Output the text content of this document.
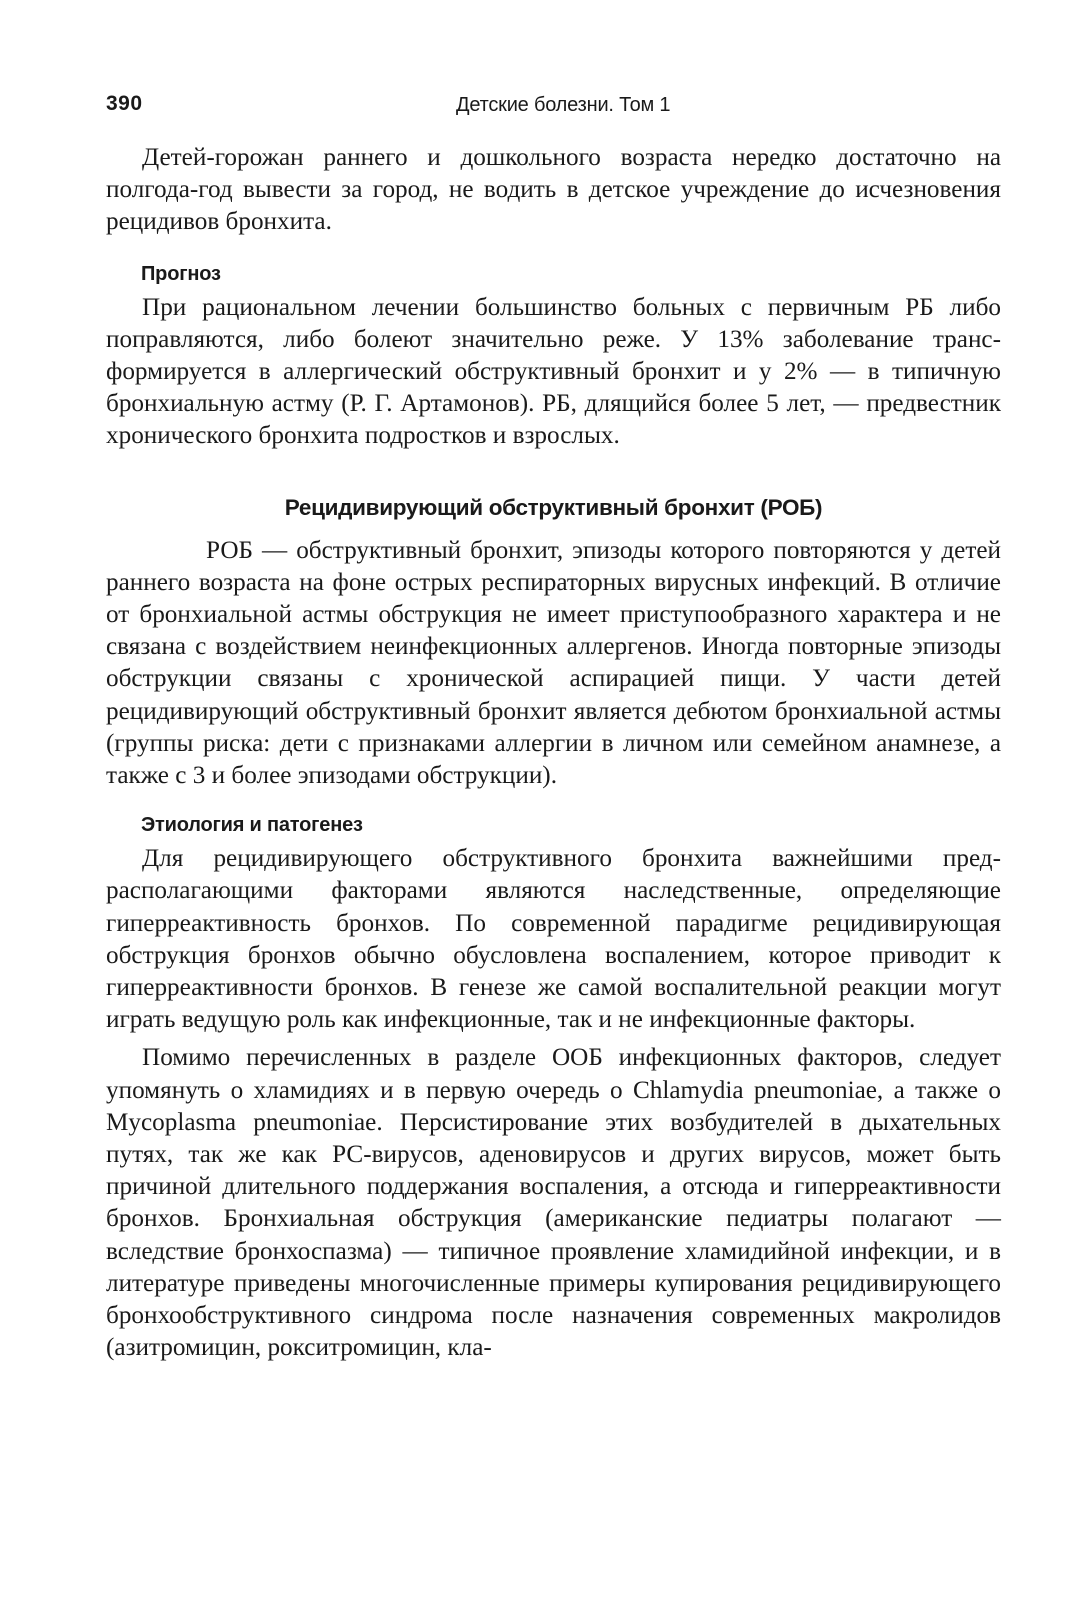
390	Детские болезни. Том 1

Детей-горожан раннего и дошкольного возраста нередко достаточно на полгода-год вывести за город, не водить в детское учреждение до исчезновения рецидивов бронхита.

Прогноз

При рациональном лечении большинство больных с первичным РБ либо поправляются, либо болеют значительно реже. У 13% заболевание трансформируется в аллергический обструктивный бронхит и у 2% — в типичную бронхиальную астму (Р. Г. Артамонов). РБ, длящийся более 5 лет, — предвестник хронического бронхита подростков и взрослых.

Рецидивирующий обструктивный бронхит (РОБ)

РОБ — обструктивный бронхит, эпизоды которого повторяются у детей раннего возраста на фоне острых респираторных вирусных инфекций. В отличие от бронхиальной астмы обструкция не имеет приступообразного характера и не связана с воздействием неинфекционных аллергенов. Иногда повторные эпизоды обструкции связаны с хронической аспирацией пищи. У части детей рецидивирующий обструктивный бронхит является дебютом бронхиальной астмы (группы риска: дети с признаками аллергии в личном или семейном анамнезе, а также с 3 и более эпизодами обструкции).

Этиология и патогенез

Для рецидивирующего обструктивного бронхита важнейшими предрасполагающими факторами являются наследственные, определяющие гиперреактивность бронхов. По современной парадигме рецидивирующая обструкция бронхов обычно обусловлена воспалением, которое приводит к гиперреактивности бронхов. В генезе же самой воспалительной реакции могут играть ведущую роль как инфекционные, так и не инфекционные факторы.

Помимо перечисленных в разделе ООБ инфекционных факторов, следует упомянуть о хламидиях и в первую очередь о Chlamydia pneumoniae, а также о Mycoplasma pneumoniae. Персистирование этих возбудителей в дыхательных путях, так же как РС-вирусов, аденовирусов и других вирусов, может быть причиной длительного поддержания воспаления, а отсюда и гиперреактивности бронхов. Бронхиальная обструкция (американские педиатры полагают — вследствие бронхоспазма) — типичное проявление хламидийной инфекции, и в литературе приведены многочисленные примеры купирования рецидивирующего бронхообструктивного синдрома после назначения современных макролидов (азитромицин, рокситромицин, кла-
